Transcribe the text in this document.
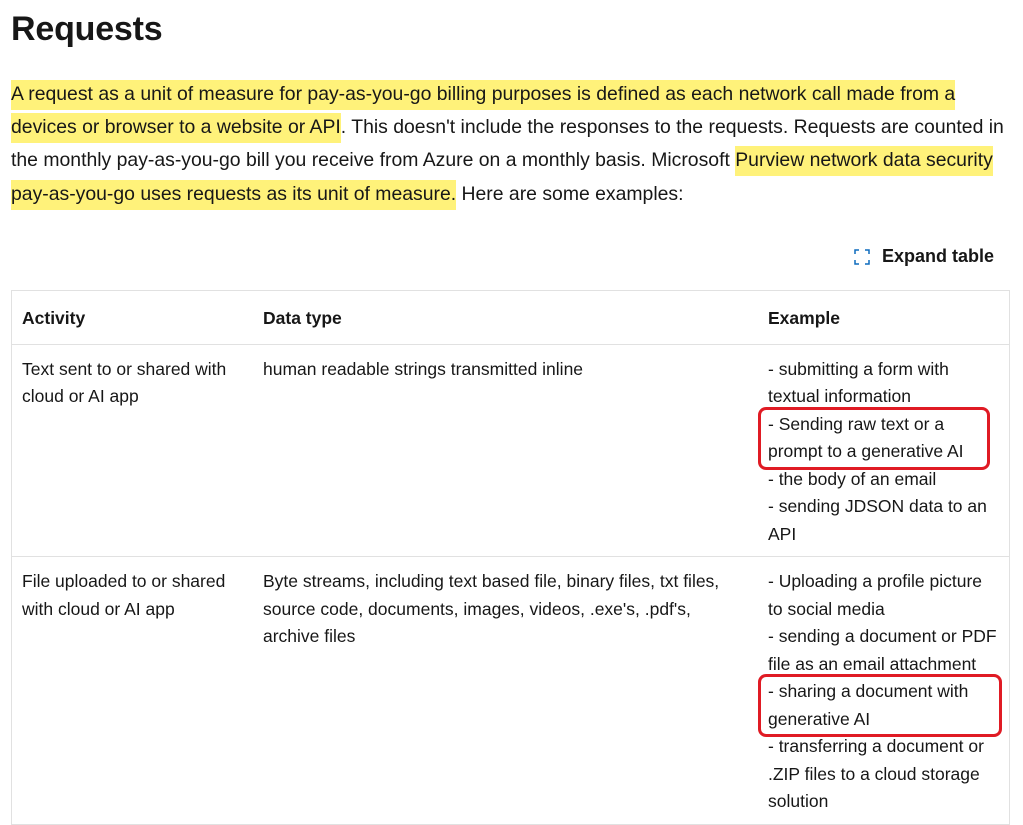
Requests

A request as a unit of measure for pay-as-you-go billing purposes is defined as each network call made from a devices or browser to a website or API. This doesn't include the responses to the requests. Requests are counted in the monthly pay-as-you-go bill you receive from Azure on a monthly basis. Microsoft Purview network data security pay-as-you-go uses requests as its unit of measure. Here are some examples:

Expand table
Activity	Data type	Example
Text sent to or shared with cloud or AI app	human readable strings transmitted inline	- submitting a form with textual information
- Sending raw text or a prompt to a generative AI
- the body of an email
- sending JDSON data to an API

File uploaded to or shared with cloud or AI app	Byte streams, including text based file, binary files, txt files, source code, documents, images, videos, .exe's, .pdf's, archive files	- Uploading a profile picture to social media
- sending a document or PDF file as an email attachment
- sharing a document with generative AI
- transferring a document or .ZIP files to a cloud storage solution
